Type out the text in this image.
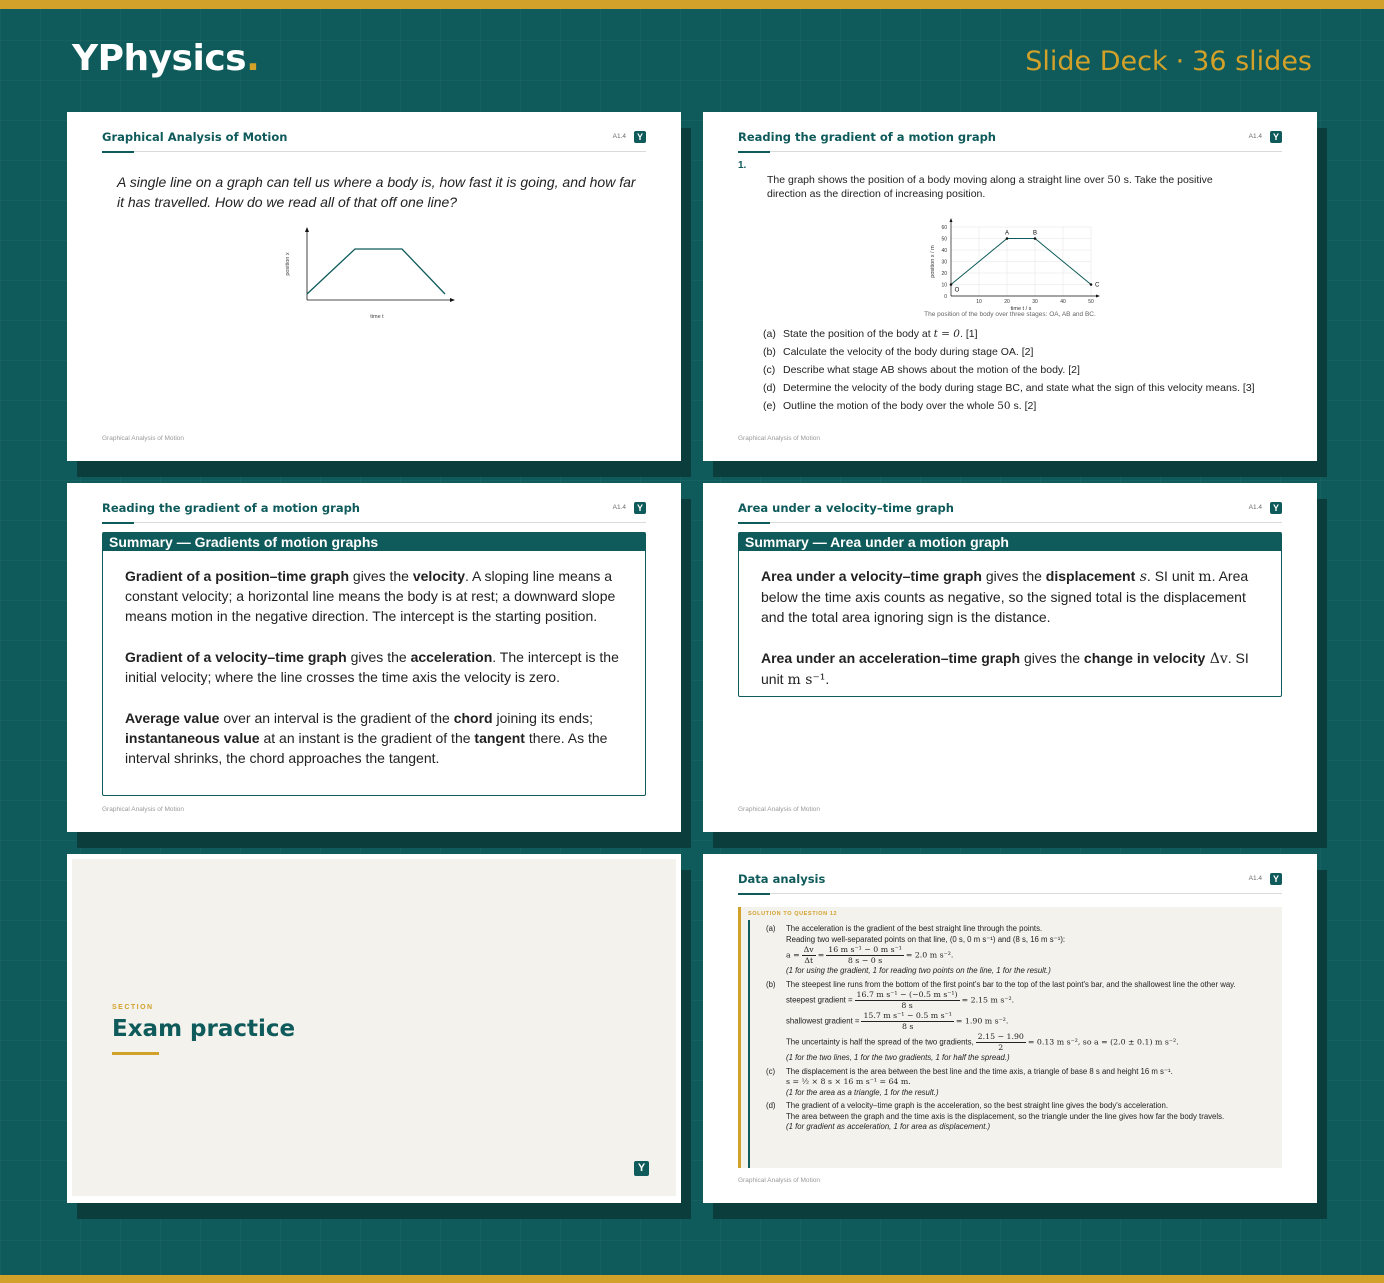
YPhysics.	Slide Deck · 36 slides
Graphical Analysis of Motion	A1.4	Y
A single line on a graph can tell us where a body is, how fast it is going, and how far it has travelled. How do we read all of that off one line?
position x
time t
Graphical Analysis of Motion
Reading the gradient of a motion graph	A1.4	Y
1.
The graph shows the position of a body moving along a straight line over 50 s. Take the positive direction as the direction of increasing position.
10	20	30	40	50
0
10
20
30
40
50
60
time t / s
position x / m
O
A	B
C
The position of the body over three stages: OA, AB and BC.
(a) State the position of the body at t = 0. [1]
(b) Calculate the velocity of the body during stage OA. [2]
(c) Describe what stage AB shows about the motion of the body. [2]
(d) Determine the velocity of the body during stage BC, and state what the sign of this velocity means. [3]
(e) Outline the motion of the body over the whole 50 s. [2]
Graphical Analysis of Motion
Reading the gradient of a motion graph	A1.4	Y
Summary — Gradients of motion graphs

Gradient of a position–time graph gives the velocity. A sloping line means a constant velocity; a horizontal line means the body is at rest; a downward slope means motion in the negative direction. The intercept is the starting position.

Gradient of a velocity–time graph gives the acceleration. The intercept is the initial velocity; where the line crosses the time axis the velocity is zero.

Average value over an interval is the gradient of the chord joining its ends; instantaneous value at an instant is the gradient of the tangent there. As the interval shrinks, the chord approaches the tangent.

Graphical Analysis of Motion
Area under a velocity–time graph	A1.4	Y
Summary — Area under a motion graph

Area under a velocity–time graph gives the displacement s. SI unit m. Area below the time axis counts as negative, so the signed total is the displacement and the total area ignoring sign is the distance.

Area under an acceleration–time graph gives the change in velocity Δv. SI unit m s⁻¹.

Graphical Analysis of Motion
SECTION
Exam practice
Y
Data analysis	A1.4	Y
SOLUTION TO QUESTION 12
(a) The acceleration is the gradient of the best straight line through the points.
Reading two well-separated points on that line, (0 s, 0 m s⁻¹) and (8 s, 16 m s⁻¹):
$a = \frac{\Delta v}{\Delta t} = \frac{\text{16 m s⁻¹ − 0 m s⁻¹}}{8 s - 0 s} = 2.0$ m s⁻².
(1 for using the gradient, 1 for reading two points on the line, 1 for the result.)
(b) The steepest line runs from the bottom of the first point's bar to the top of the last point's bar, and the shallowest line the other way.
steepest gradient = $\frac{\text{16.7 m s⁻¹ − (−0.5 m s⁻¹)}}{8 s} = 2.15$ m s⁻².
shallowest gradient = $\frac{\text{15.7 m s⁻¹ − 0.5 m s⁻¹}}{8 s} = 1.90$ m s⁻².
The uncertainty is half the spread of the two gradients, $\frac{2.15 - 1.90}{2} = 0.13$ m s⁻², so a = (2.0 ± 0.1) m s⁻².
(1 for the two lines, 1 for the two gradients, 1 for half the spread.)
(c) The displacement is the area between the best line and the time axis, a triangle of base 8 s and height 16 m s⁻¹.
s = ½ × 8 s × 16 m s⁻¹ = 64 m.
(1 for the area as a triangle, 1 for the result.)
(d) The gradient of a velocity–time graph is the acceleration, so the best straight line gives the body's acceleration.
The area between the graph and the time axis is the displacement, so the triangle under the line gives how far the body travels.
(1 for gradient as acceleration, 1 for area as displacement.)
Graphical Analysis of Motion
